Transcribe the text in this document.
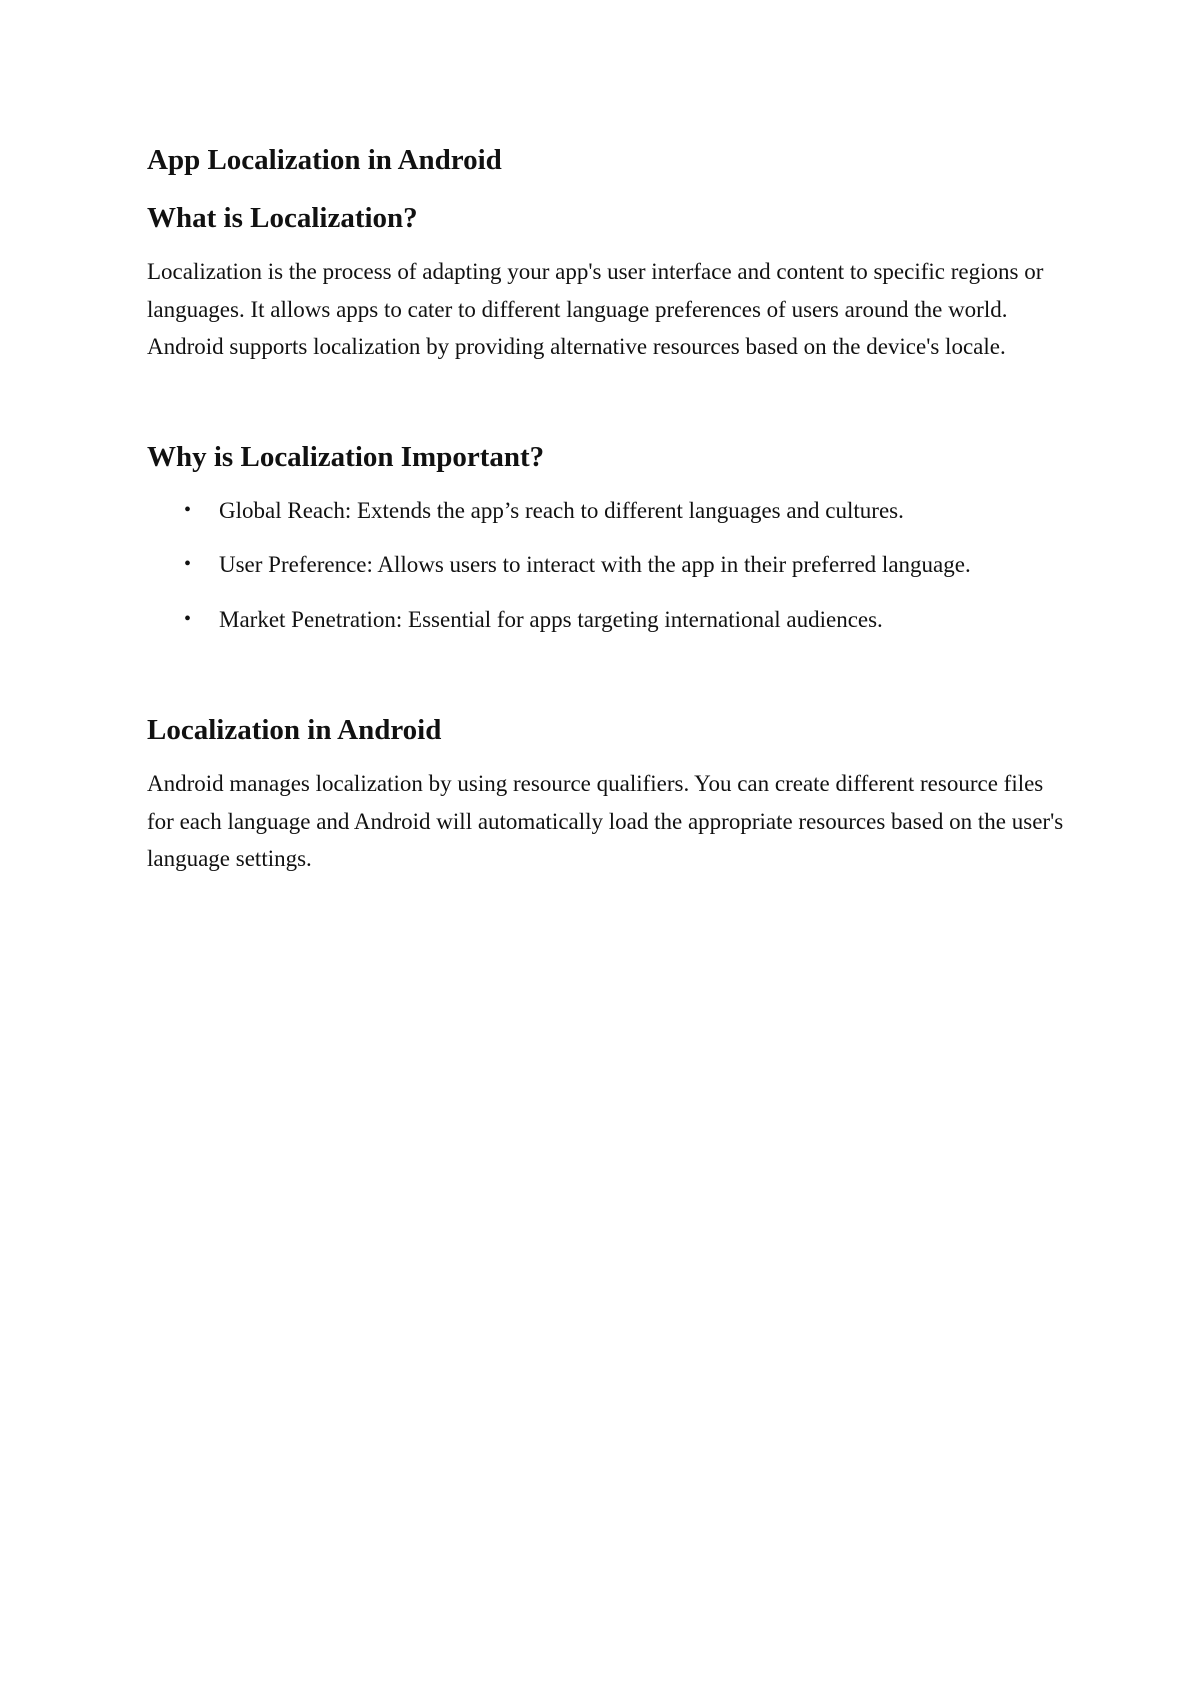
App Localization in Android
What is Localization?

Localization is the process of adapting your app's user interface and content to specific regions or languages. It allows apps to cater to different language preferences of users around the world. Android supports localization by providing alternative resources based on the device's locale.

Why is Localization Important?
• Global Reach: Extends the app’s reach to different languages and cultures.
• User Preference: Allows users to interact with the app in their preferred language.
• Market Penetration: Essential for apps targeting international audiences.
Localization in Android

Android manages localization by using resource qualifiers. You can create different resource files for each language and Android will automatically load the appropriate resources based on the user's language settings.
